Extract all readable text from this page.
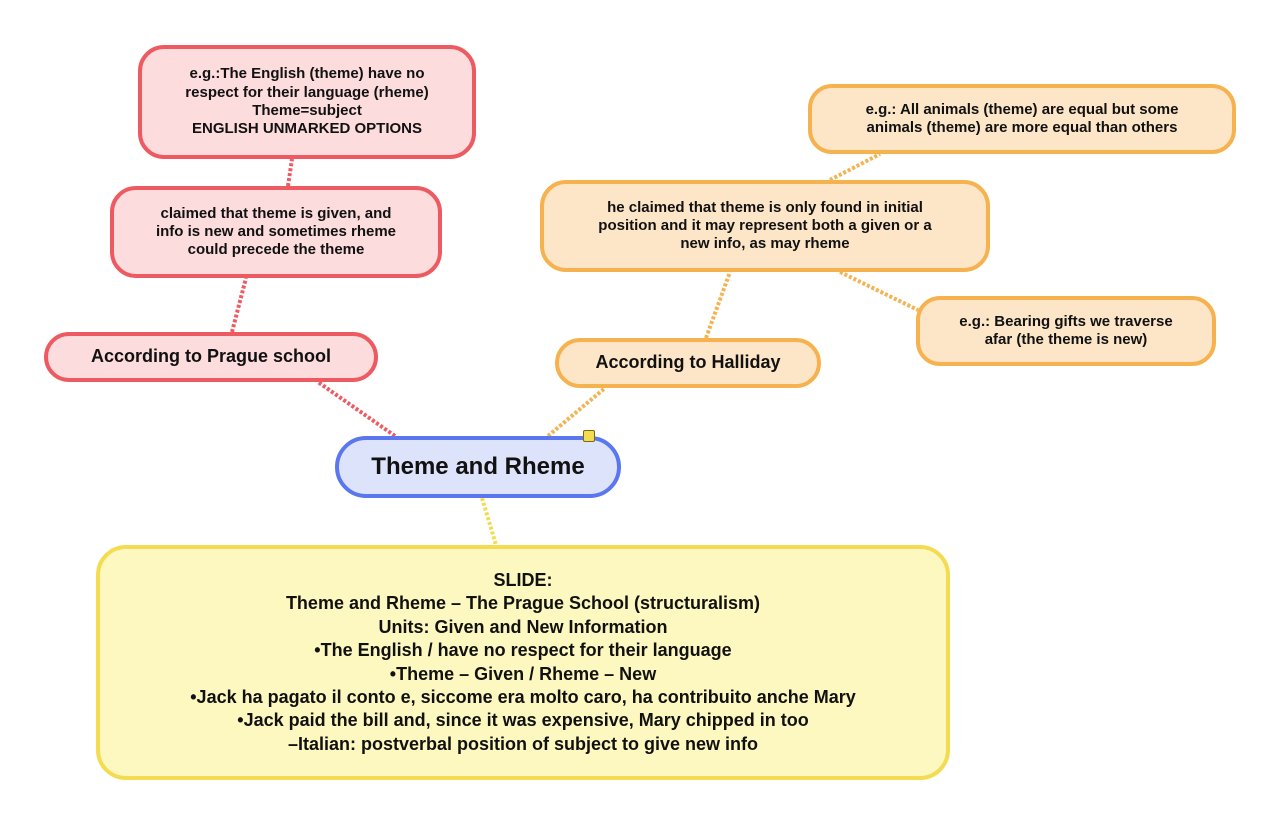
e.g.:The English (theme) have no
respect for their language (rheme)
Theme=subject
ENGLISH UNMARKED OPTIONS
claimed that theme is given, and
info is new and sometimes rheme
could precede the theme
According to Prague school
e.g.: All animals (theme) are equal but some
animals (theme) are more equal than others
he claimed that theme is only found in initial
position and it may represent both a given or a
new info, as may rheme
e.g.: Bearing gifts we traverse
afar (the theme is new)
According to Halliday
Theme and Rheme
SLIDE:
Theme and Rheme – The Prague School (structuralism)
Units: Given and New Information
•The English / have no respect for their language
•Theme – Given / Rheme – New
•Jack ha pagato il conto e, siccome era molto caro, ha contribuito anche Mary
•Jack paid the bill and, since it was expensive, Mary chipped in too
–Italian: postverbal position of subject to give new info
